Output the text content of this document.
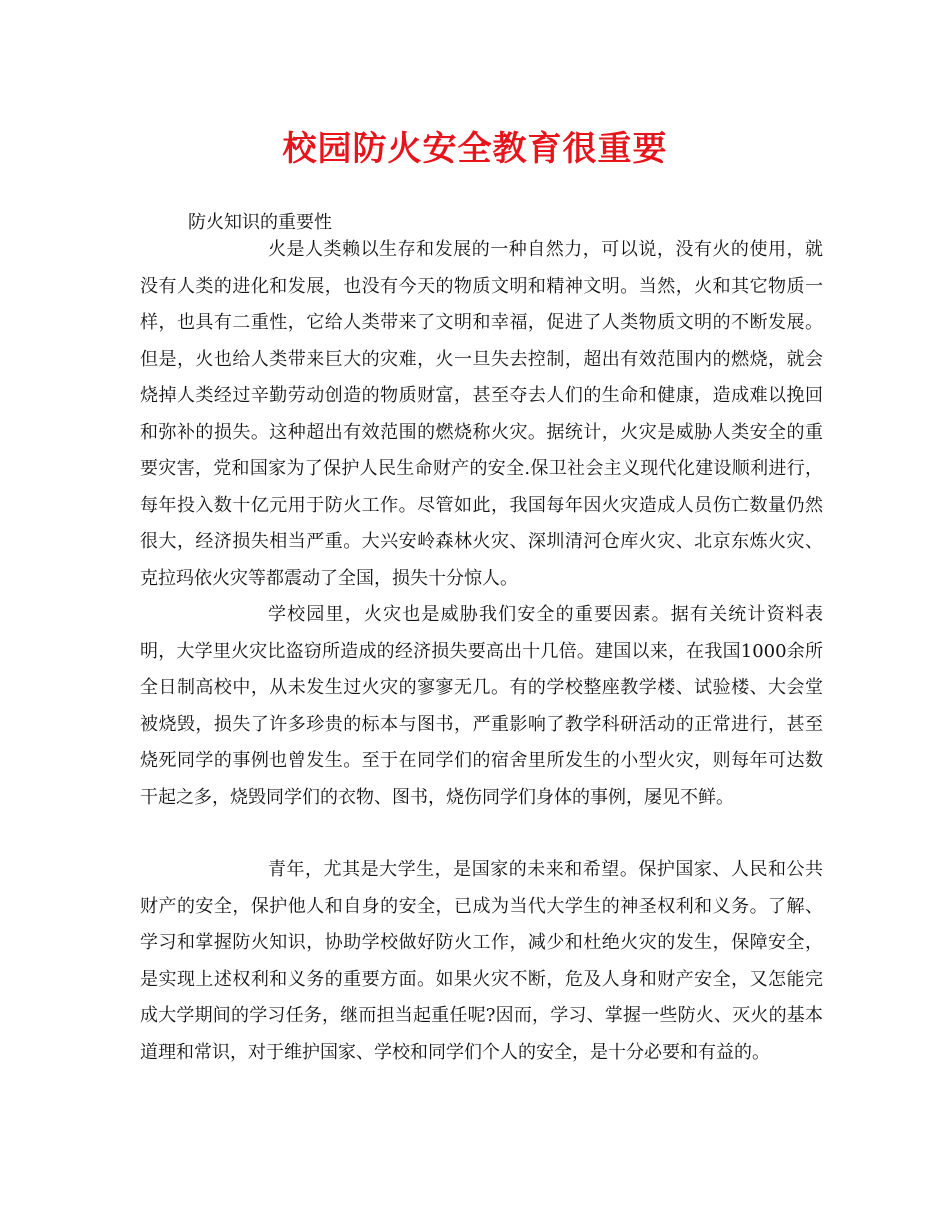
校园防火安全教育很重要

防火知识的重要性

火是人类赖以生存和发展的一种自然力，可以说，没有火的使用，就没有人类的进化和发展，也没有今天的物质文明和精神文明。当然，火和其它物质一样，也具有二重性，它给人类带来了文明和幸福，促进了人类物质文明的不断发展。但是，火也给人类带来巨大的灾难，火一旦失去控制，超出有效范围内的燃烧，就会烧掉人类经过辛勤劳动创造的物质财富，甚至夺去人们的生命和健康，造成难以挽回和弥补的损失。这种超出有效范围的燃烧称火灾。据统计，火灾是威胁人类安全的重要灾害，党和国家为了保护人民生命财产的安全.保卫社会主义现代化建设顺利进行，每年投入数十亿元用于防火工作。尽管如此，我国每年因火灾造成人员伤亡数量仍然很大，经济损失相当严重。大兴安岭森林火灾、深圳清河仓库火灾、北京东炼火灾、克拉玛依火灾等都震动了全国，损失十分惊人。

学校园里，火灾也是威胁我们安全的重要因素。据有关统计资料表明，大学里火灾比盗窃所造成的经济损失要高出十几倍。建国以来，在我国1000余所全日制高校中，从未发生过火灾的寥寥无几。有的学校整座教学楼、试验楼、大会堂被烧毁，损失了许多珍贵的标本与图书，严重影响了教学科研活动的正常进行，甚至烧死同学的事例也曾发生。至于在同学们的宿舍里所发生的小型火灾，则每年可达数干起之多，烧毁同学们的衣物、图书，烧伤同学们身体的事例，屡见不鲜。

青年，尤其是大学生，是国家的未来和希望。保护国家、人民和公共财产的安全，保护他人和自身的安全，已成为当代大学生的神圣权利和义务。了解、学习和掌握防火知识，协助学校做好防火工作，减少和杜绝火灾的发生，保障安全，是实现上述权利和义务的重要方面。如果火灾不断，危及人身和财产安全，又怎能完成大学期间的学习任务，继而担当起重任呢?因而，学习、掌握一些防火、灭火的基本道理和常识，对于维护国家、学校和同学们个人的安全，是十分必要和有益的。
